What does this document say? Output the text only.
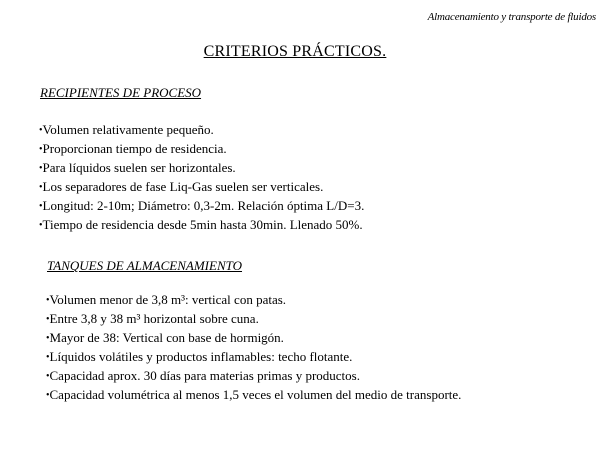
Almacenamiento y transporte de fluidos
CRITERIOS PRÁCTICOS.
RECIPIENTES DE PROCESO
•Volumen relativamente pequeño.
•Proporcionan tiempo de residencia.
•Para líquidos suelen ser horizontales.
•Los separadores de fase Liq-Gas suelen ser verticales.
•Longitud: 2-10m; Diámetro: 0,3-2m. Relación óptima L/D=3.
•Tiempo de residencia desde 5min hasta 30min. Llenado 50%.
TANQUES DE ALMACENAMIENTO
•Volumen menor de 3,8 m³: vertical con patas.
•Entre 3,8 y 38 m³ horizontal sobre cuna.
•Mayor de 38: Vertical con base de hormigón.
•Líquidos volátiles y productos inflamables: techo flotante.
•Capacidad aprox. 30 días para materias primas y productos.
•Capacidad volumétrica al menos 1,5 veces el volumen del medio de transporte.
